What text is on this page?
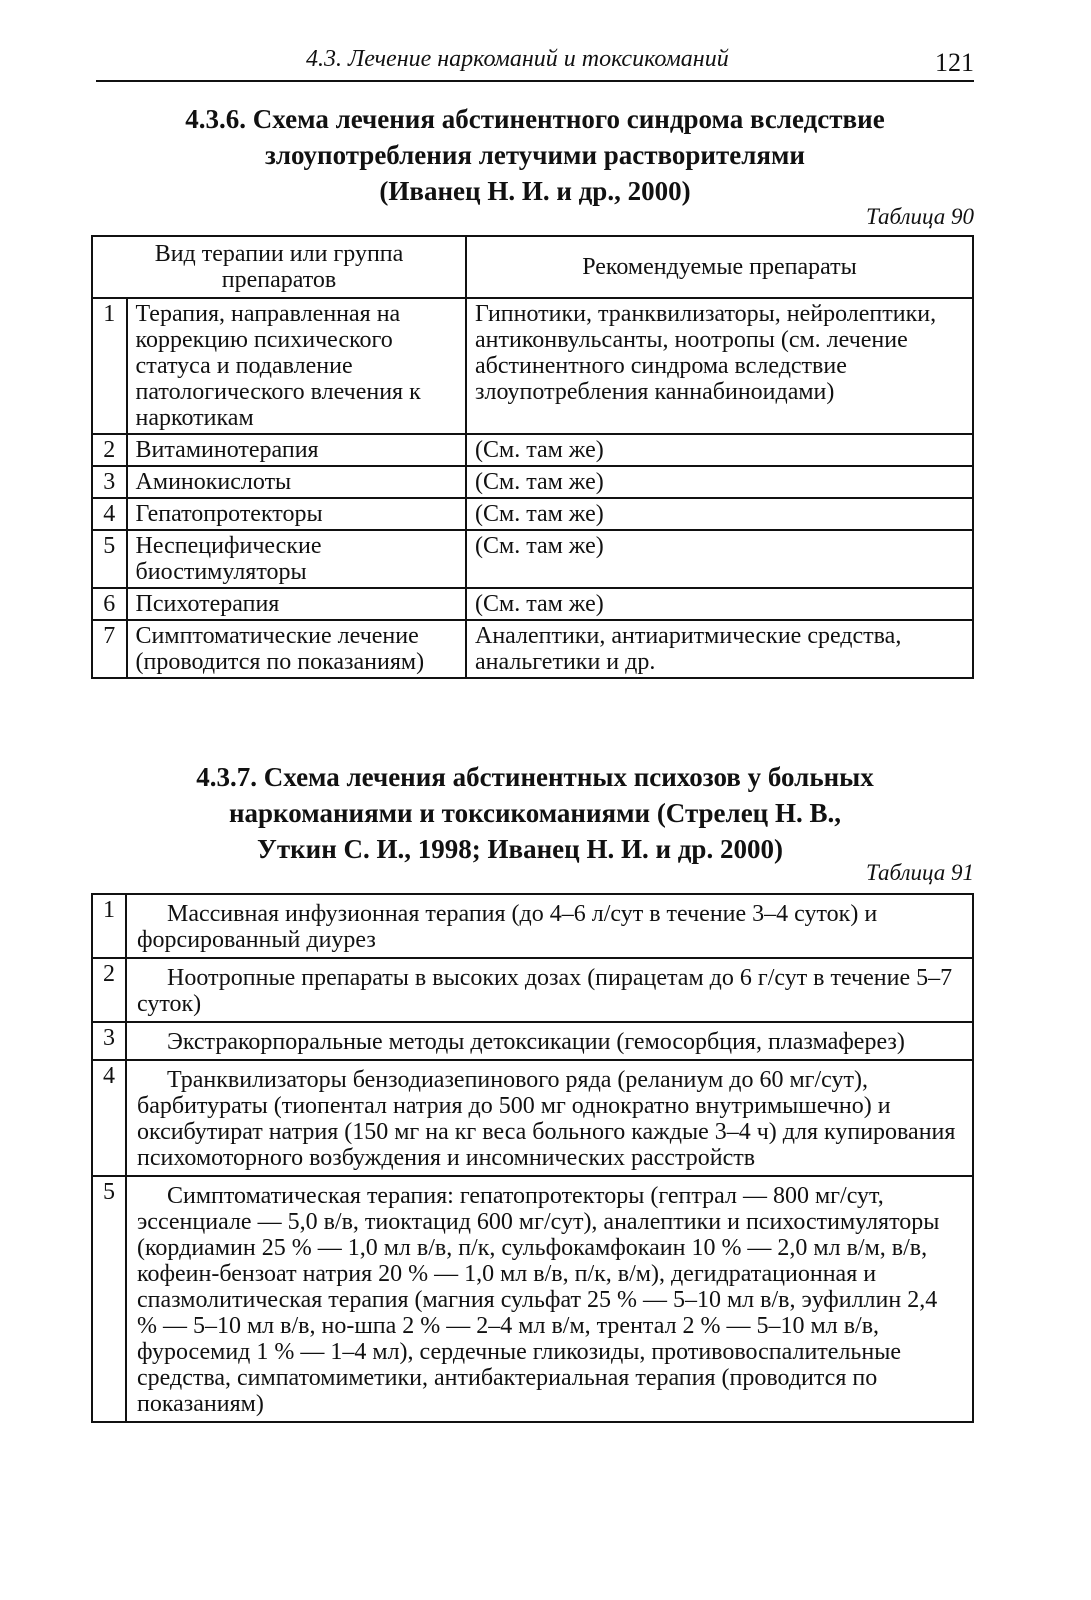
4.3. Лечение наркоманий и токсикоманий	121
4.3.6. Схема лечения абстинентного синдрома вследствие
злоупотребления летучими растворителями
(Иванец Н. И. и др., 2000)
Таблица 90
Вид терапии или группа препаратов		Рекомендуемые препараты
1	Терапия, направленная на коррекцию психического статуса и подавление патологического влечения к наркотикам	Гипнотики, транквилизаторы, нейролептики, антиконвульсанты, ноотропы (см. лечение абстинентного синдрома вследствие злоупотребления каннабиноидами)
2	Витаминотерапия	(См. там же)
3	Аминокислоты	(См. там же)
4	Гепатопротекторы	(См. там же)
5	Неспецифические биостимуляторы	(См. там же)
6	Психотерапия	(См. там же)
7	Симптоматические лечение (проводится по показаниям)	Аналептики, антиаритмические средства, анальгетики и др.
4.3.7. Схема лечения абстинентных психозов у больных
наркоманиями и токсикоманиями (Стрелец Н. В.,
Уткин С. И., 1998; Иванец Н. И. и др. 2000)
Таблица 91
1	Массивная инфузионная терапия (до 4–6 л/сут в течение 3–4 суток) и форсированный диурез
2	Ноотропные препараты в высоких дозах (пирацетам до 6 г/сут в течение 5–7 суток)
3	Экстракорпоральные методы детоксикации (гемосорбция, плазмаферез)
4	Транквилизаторы бензодиазепинового ряда (реланиум до 60 мг/сут), барбитураты (тиопентал натрия до 500 мг однократно внутримышечно) и оксибутират натрия (150 мг на кг веса больного каждые 3–4 ч) для купирования психомоторного возбуждения и инсомнических расстройств
5	Симптоматическая терапия: гепатопротекторы (гептрал — 800 мг/сут, эссенциале — 5,0 в/в, тиоктацид 600 мг/сут), аналептики и психостимуляторы (кордиамин 25 % — 1,0 мл в/в, п/к, сульфокамфокаин 10 % — 2,0 мл в/м, в/в, кофеин-бензоат натрия 20 % — 1,0 мл в/в, п/к, в/м), дегидратационная и спазмолитическая терапия (магния сульфат 25 % — 5–10 мл в/в, эуфиллин 2,4 % — 5–10 мл в/в, но-шпа 2 % — 2–4 мл в/м, трентал 2 % — 5–10 мл в/в, фуросемид 1 % — 1–4 мл), сердечные гликозиды, противовоспалительные средства, симпатомиметики, антибактериальная терапия (проводится по показаниям)
